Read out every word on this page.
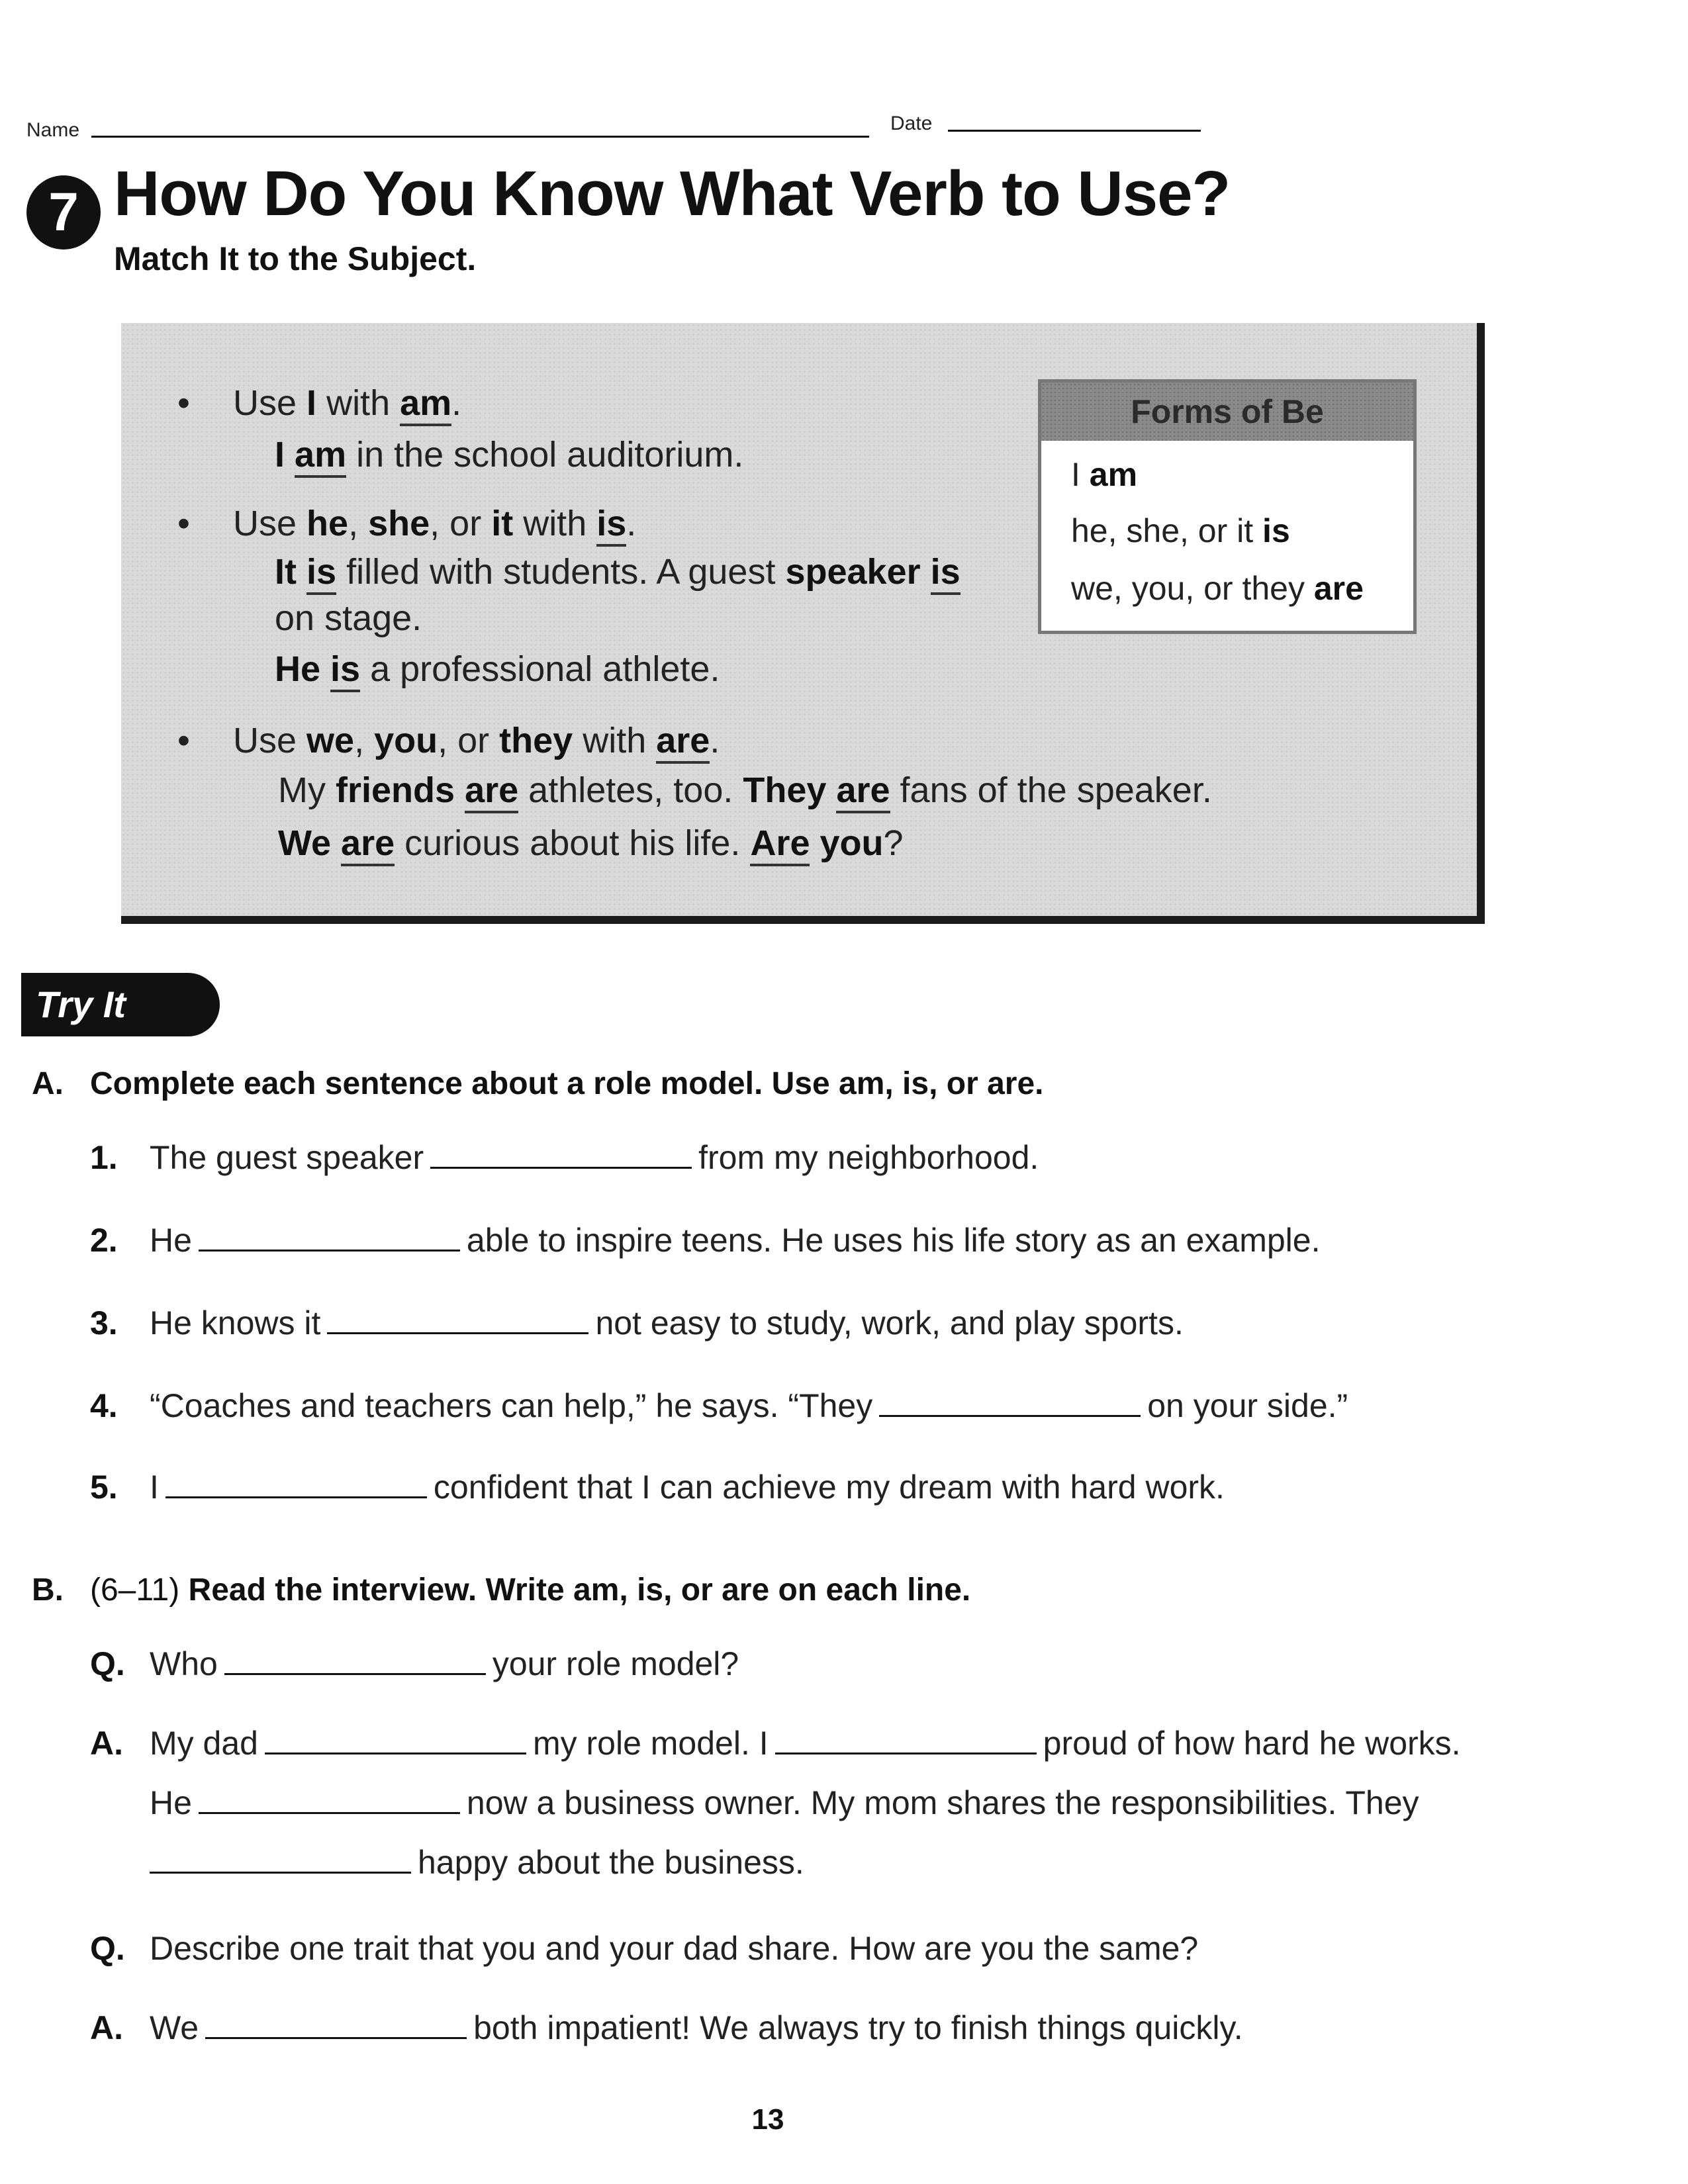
Name	Date
7 How Do You Know What Verb to Use?
Match It to the Subject.
• Use I with am.
I am in the school auditorium.
• Use he, she, or it with is.
It is filled with students. A guest speaker is
on stage.
He is a professional athlete.
• Use we, you, or they with are.
My friends are athletes, too. They are fans of the speaker.
We are curious about his life. Are you?
Forms of Be
I am
he, she, or it is
we, you, or they are
Try It
A. Complete each sentence about a role model. Use am, is, or are.
1. The guest speaker	from my neighborhood.
2. He	able to inspire teens. He uses his life story as an example.
3. He knows it	not easy to study, work, and play sports.
4. “Coaches and teachers can help,” he says. “They	on your side.”
5. I	confident that I can achieve my dream with hard work.
B. (6–11) Read the interview. Write am, is, or are on each line.
Q. Who	your role model?
A. My dad	my role model. I	proud of how hard he works.
He	now a business owner. My mom shares the responsibilities. They
happy about the business.
Q. Describe one trait that you and your dad share. How are you the same?
A. We	both impatient! We always try to finish things quickly.
13
